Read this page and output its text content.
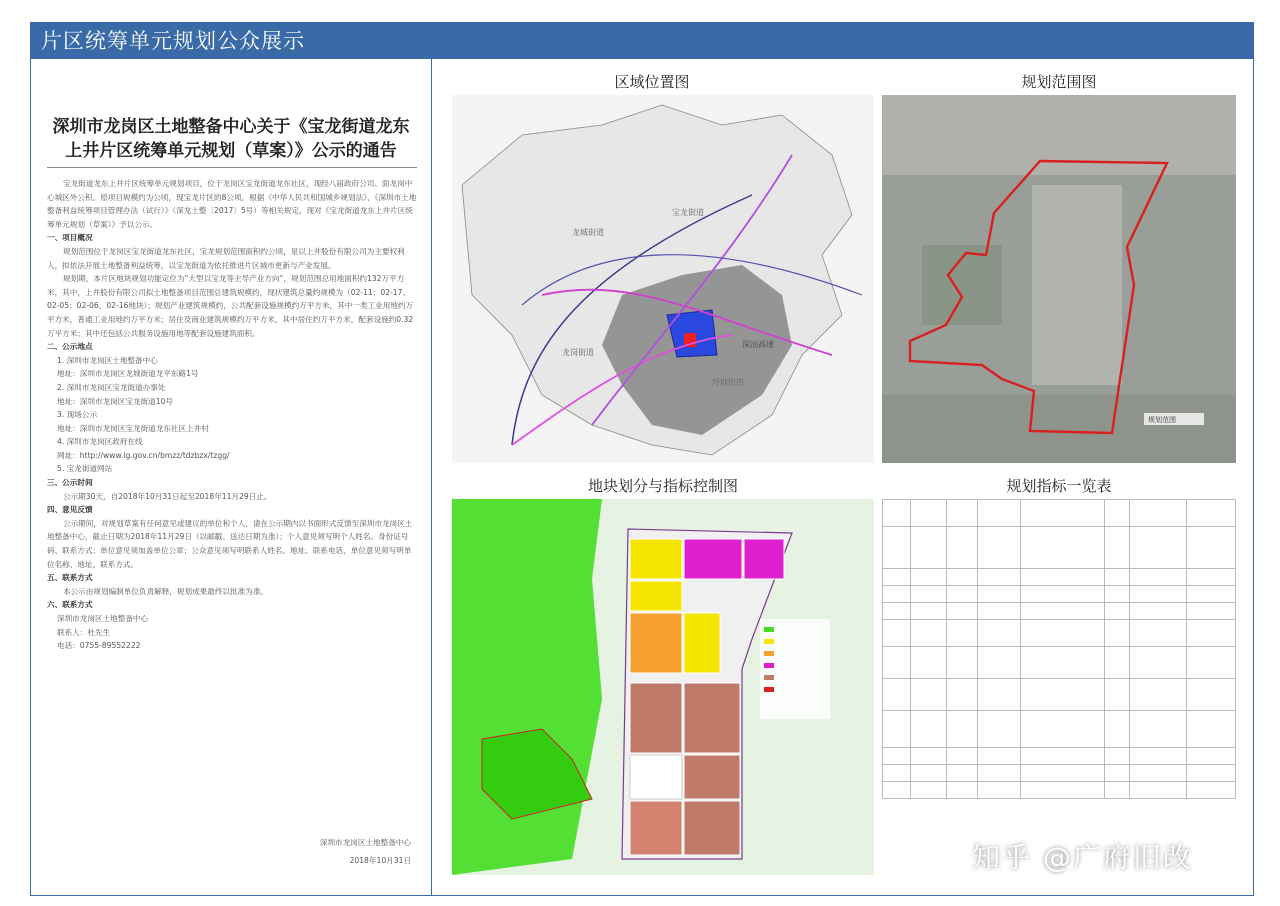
片区统筹单元规划公众展示
深圳市龙岗区土地整备中心关于《宝龙街道龙东
上井片区统筹单元规划（草案）》公示的通告

宝龙街道龙东上井片区统筹单元规划项目，位于龙岗区宝龙街道龙东社区，现经八届政府公司、面龙岗中心城区外公积。原项目规模约为公顷，现宝龙片区的8公顷，根据《中华人民共和国城乡规划法》、《深圳市土地整备利益统筹项目管理办法（试行）》（深龙土整〔2017〕5号）等相关规定，现对《宝龙街道龙东上井片区统筹单元规划（草案）》予以公示。

一、项目概况

规划范围位于龙岗区宝龙街道龙东社区，宝龙规划范围面积约公顷，是以上井股份有限公司为主要权利人，拟依法开展土地整备利益统筹，以宝龙街道为依托推进片区城市更新与产业发展。

规划期，本片区地块规划功能定位为“大型以宝龙等主导产业方向”，规划范围总用地面积约132万平方米，其中，上井股份有限公司拟土地整备项目范围总建筑规模约，现状建筑总量约规模为（02-11；02-17、02-05；02-06，02-16地块）；规划产业建筑规模约，公共配套设施规模约万平方米，其中一类工业用地约万平方米，普通工业用地约万平方米；居住及商业建筑规模约万平方米，其中居住约万平方米，配套设施约0.32万平方米；其中还包括公共服务设施用地等配套设施建筑面积。

二、公示地点

1. 深圳市龙岗区土地整备中心

地址：深圳市龙岗区龙城街道龙平东路1号

2. 深圳市龙岗区宝龙街道办事处

地址：深圳市龙岗区宝龙街道10号

3. 现场公示

地址：深圳市龙岗区宝龙街道龙东社区上井村

4. 深圳市龙岗区政府在线

网址：http://www.lg.gov.cn/bmzz/tdzbzx/tzgg/

5. 宝龙街道网站

三、公示时间

公示期30天，自2018年10月31日起至2018年11月29日止。

四、意见反馈

公示期间，对规划草案有任何意见或建议的单位和个人，请在公示期内以书面形式反馈至深圳市龙岗区土地整备中心，截止日期为2018年11月29日（以邮戳、送达日期为准）；个人意见须写明个人姓名、身份证号码、联系方式；单位意见须加盖单位公章；公众意见须写明联系人姓名、地址、联系电话，单位意见须写明单位名称、地址、联系方式。

五、联系方式

本公示由规划编制单位负责解释，规划成果最终以批准为准。

六、联系方式

深圳市龙岗区土地整备中心

联系人：杜先生

电话：0755-89552222

深圳市龙岗区土地整备中心
2018年10月31日
区域位置图	规划范围图
龙城街道
宝龙街道
龙岗街道
坪地街道
深汕高速
规划范围
地块划分与指标控制图	规划指标一览表

知乎 @广府旧改
